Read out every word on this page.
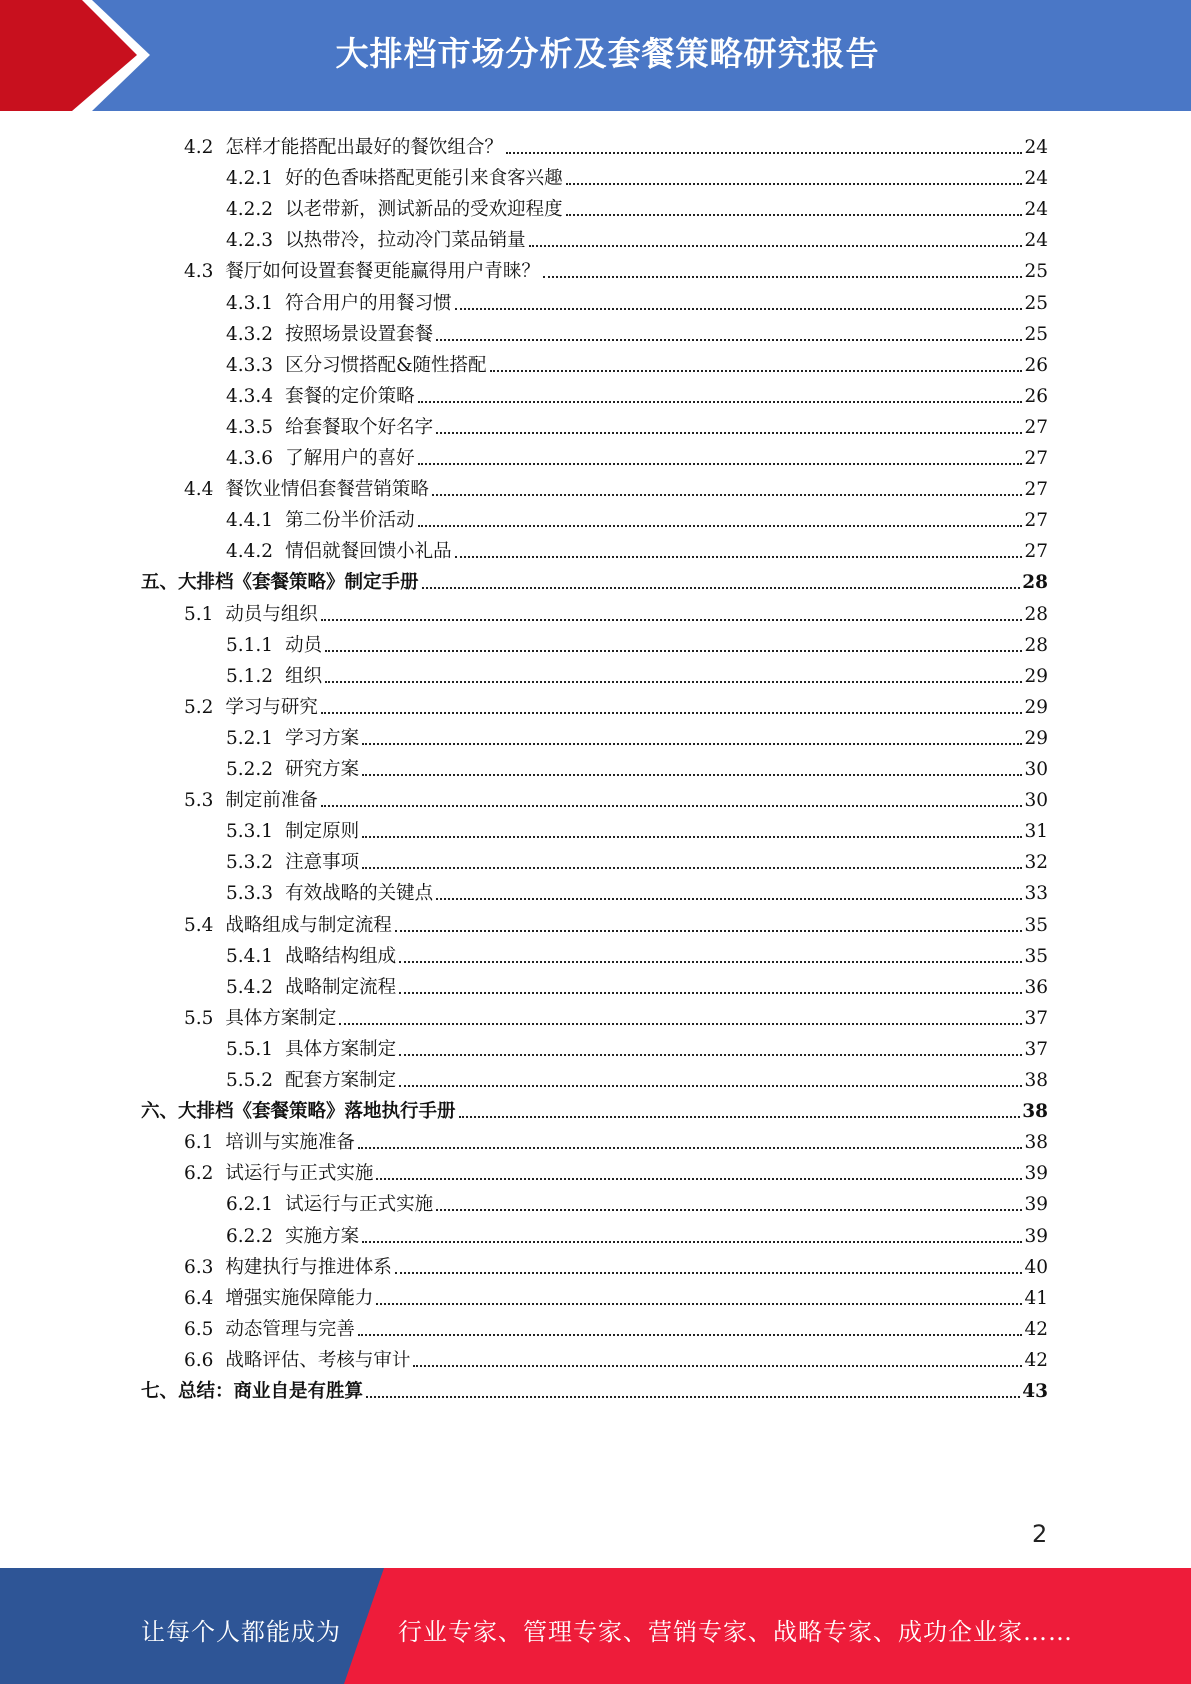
大排档市场分析及套餐策略研究报告
4.2 怎样才能搭配出最好的餐饮组合？	24
4.2.1 好的色香味搭配更能引来食客兴趣	24
4.2.2 以老带新，测试新品的受欢迎程度	24
4.2.3 以热带冷，拉动冷门菜品销量	24
4.3 餐厅如何设置套餐更能赢得用户青睐？	25
4.3.1 符合用户的用餐习惯	25
4.3.2 按照场景设置套餐	25
4.3.3 区分习惯搭配&随性搭配	26
4.3.4 套餐的定价策略	26
4.3.5 给套餐取个好名字	27
4.3.6 了解用户的喜好	27
4.4 餐饮业情侣套餐营销策略	27
4.4.1 第二份半价活动	27
4.4.2 情侣就餐回馈小礼品	27
五、大排档《套餐策略》制定手册	28
5.1 动员与组织	28
5.1.1 动员	28
5.1.2 组织	29
5.2 学习与研究	29
5.2.1 学习方案	29
5.2.2 研究方案	30
5.3 制定前准备	30
5.3.1 制定原则	31
5.3.2 注意事项	32
5.3.3 有效战略的关键点	33
5.4 战略组成与制定流程	35
5.4.1 战略结构组成	35
5.4.2 战略制定流程	36
5.5 具体方案制定	37
5.5.1 具体方案制定	37
5.5.2 配套方案制定	38
六、大排档《套餐策略》落地执行手册	38
6.1 培训与实施准备	38
6.2 试运行与正式实施	39
6.2.1 试运行与正式实施	39
6.2.2 实施方案	39
6.3 构建执行与推进体系	40
6.4 增强实施保障能力	41
6.5 动态管理与完善	42
6.6 战略评估、考核与审计	42
七、总结：商业自是有胜算	43
2
让每个人都能成为 行业专家、管理专家、营销专家、战略专家、成功企业家……
